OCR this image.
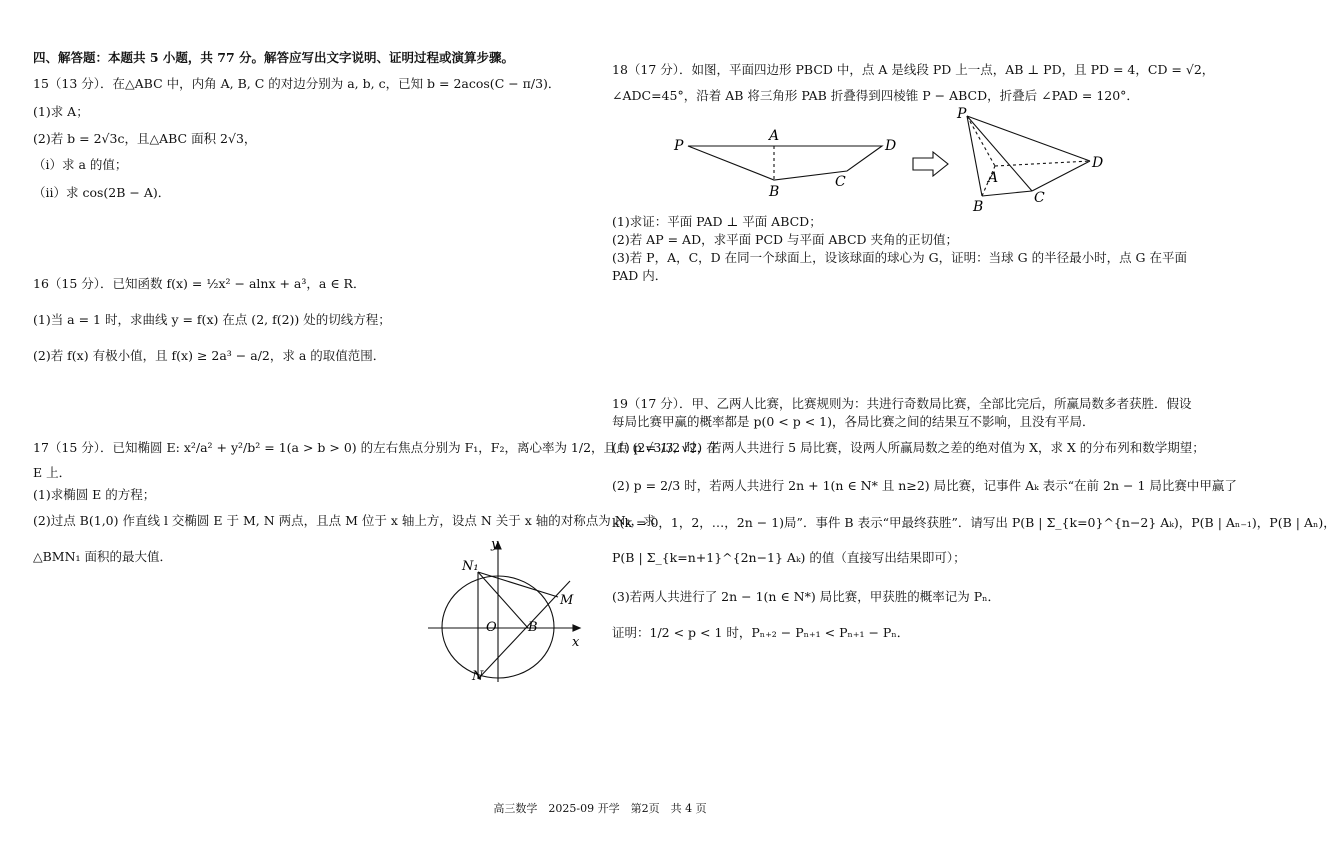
四、解答题：本题共 5 小题，共 77 分。解答应写出文字说明、证明过程或演算步骤。
15（13 分）．在△ABC 中，内角 A, B, C 的对边分别为 a, b, c，已知 b = 2acos(C − π/3)．
(1)求 A；
(2)若 b = 2√3c，且△ABC 面积 2√3，
（i）求 a 的值；
（ii）求 cos(2B − A)．
16（15 分）．已知函数 f(x) = ½x² − alnx + a³，a ∈ R．
(1)当 a = 1 时，求曲线 y = f(x) 在点 (2, f(2)) 处的切线方程；
(2)若 f(x) 有极小值，且 f(x) ≥ 2a³ − a/2，求 a 的取值范围．
17（15 分）．已知椭圆 E: x²/a² + y²/b² = 1(a > b > 0) 的左右焦点分别为 F₁，F₂，离心率为 1/2，且点 (2√3/3, √2) 在
E 上．
(1)求椭圆 E 的方程；
(2)过点 B(1,0) 作直线 l 交椭圆 E 于 M, N 两点，且点 M 位于 x 轴上方，设点 N 关于 x 轴的对称点为 N₁，求
△BMN₁ 面积的最大值．
y
x
N₁
N
M
O B
18（17 分）．如图，平面四边形 PBCD 中，点 A 是线段 PD 上一点，AB ⊥ PD，且 PD = 4，CD = √2，
∠ADC=45°，沿着 AB 将三角形 PAB 折叠得到四棱锥 P − ABCD，折叠后 ∠PAD = 120°．
(1)求证：平面 PAD ⊥ 平面 ABCD；
(2)若 AP = AD，求平面 PCD 与平面 ABCD 夹角的正切值；
(3)若 P，A，C，D 在同一个球面上，设该球面的球心为 G，证明：当球 G 的半径最小时，点 G 在平面
PAD 内．
19（17 分）．甲、乙两人比赛，比赛规则为：共进行奇数局比赛，全部比完后，所赢局数多者获胜．假设
每局比赛甲赢的概率都是 p(0 < p < 1)，各局比赛之间的结果互不影响，且没有平局．
(1) p = 1/2 时，若两人共进行 5 局比赛，设两人所赢局数之差的绝对值为 X，求 X 的分布列和数学期望；
(2) p = 2/3 时，若两人共进行 2n + 1(n ∈ N* 且 n≥2) 局比赛，记事件 Aₖ 表示“在前 2n − 1 局比赛中甲赢了
k(k = 0，1，2，…，2n − 1)局”．事件 B 表示“甲最终获胜”．请写出 P(B | Σ_{k=0}^{n−2} Aₖ)，P(B | Aₙ₋₁)，P(B | Aₙ)，
P(B | Σ_{k=n+1}^{2n−1} Aₖ) 的值（直接写出结果即可）；
(3)若两人共进行了 2n − 1(n ∈ N*) 局比赛，甲获胜的概率记为 Pₙ．
证明：1/2 < p < 1 时，Pₙ₊₂ − Pₙ₊₁ < Pₙ₊₁ − Pₙ．
P
A
D
B
C
P
A
D
B
C
高三数学　2025-09 开学　第2页　共 4 页
